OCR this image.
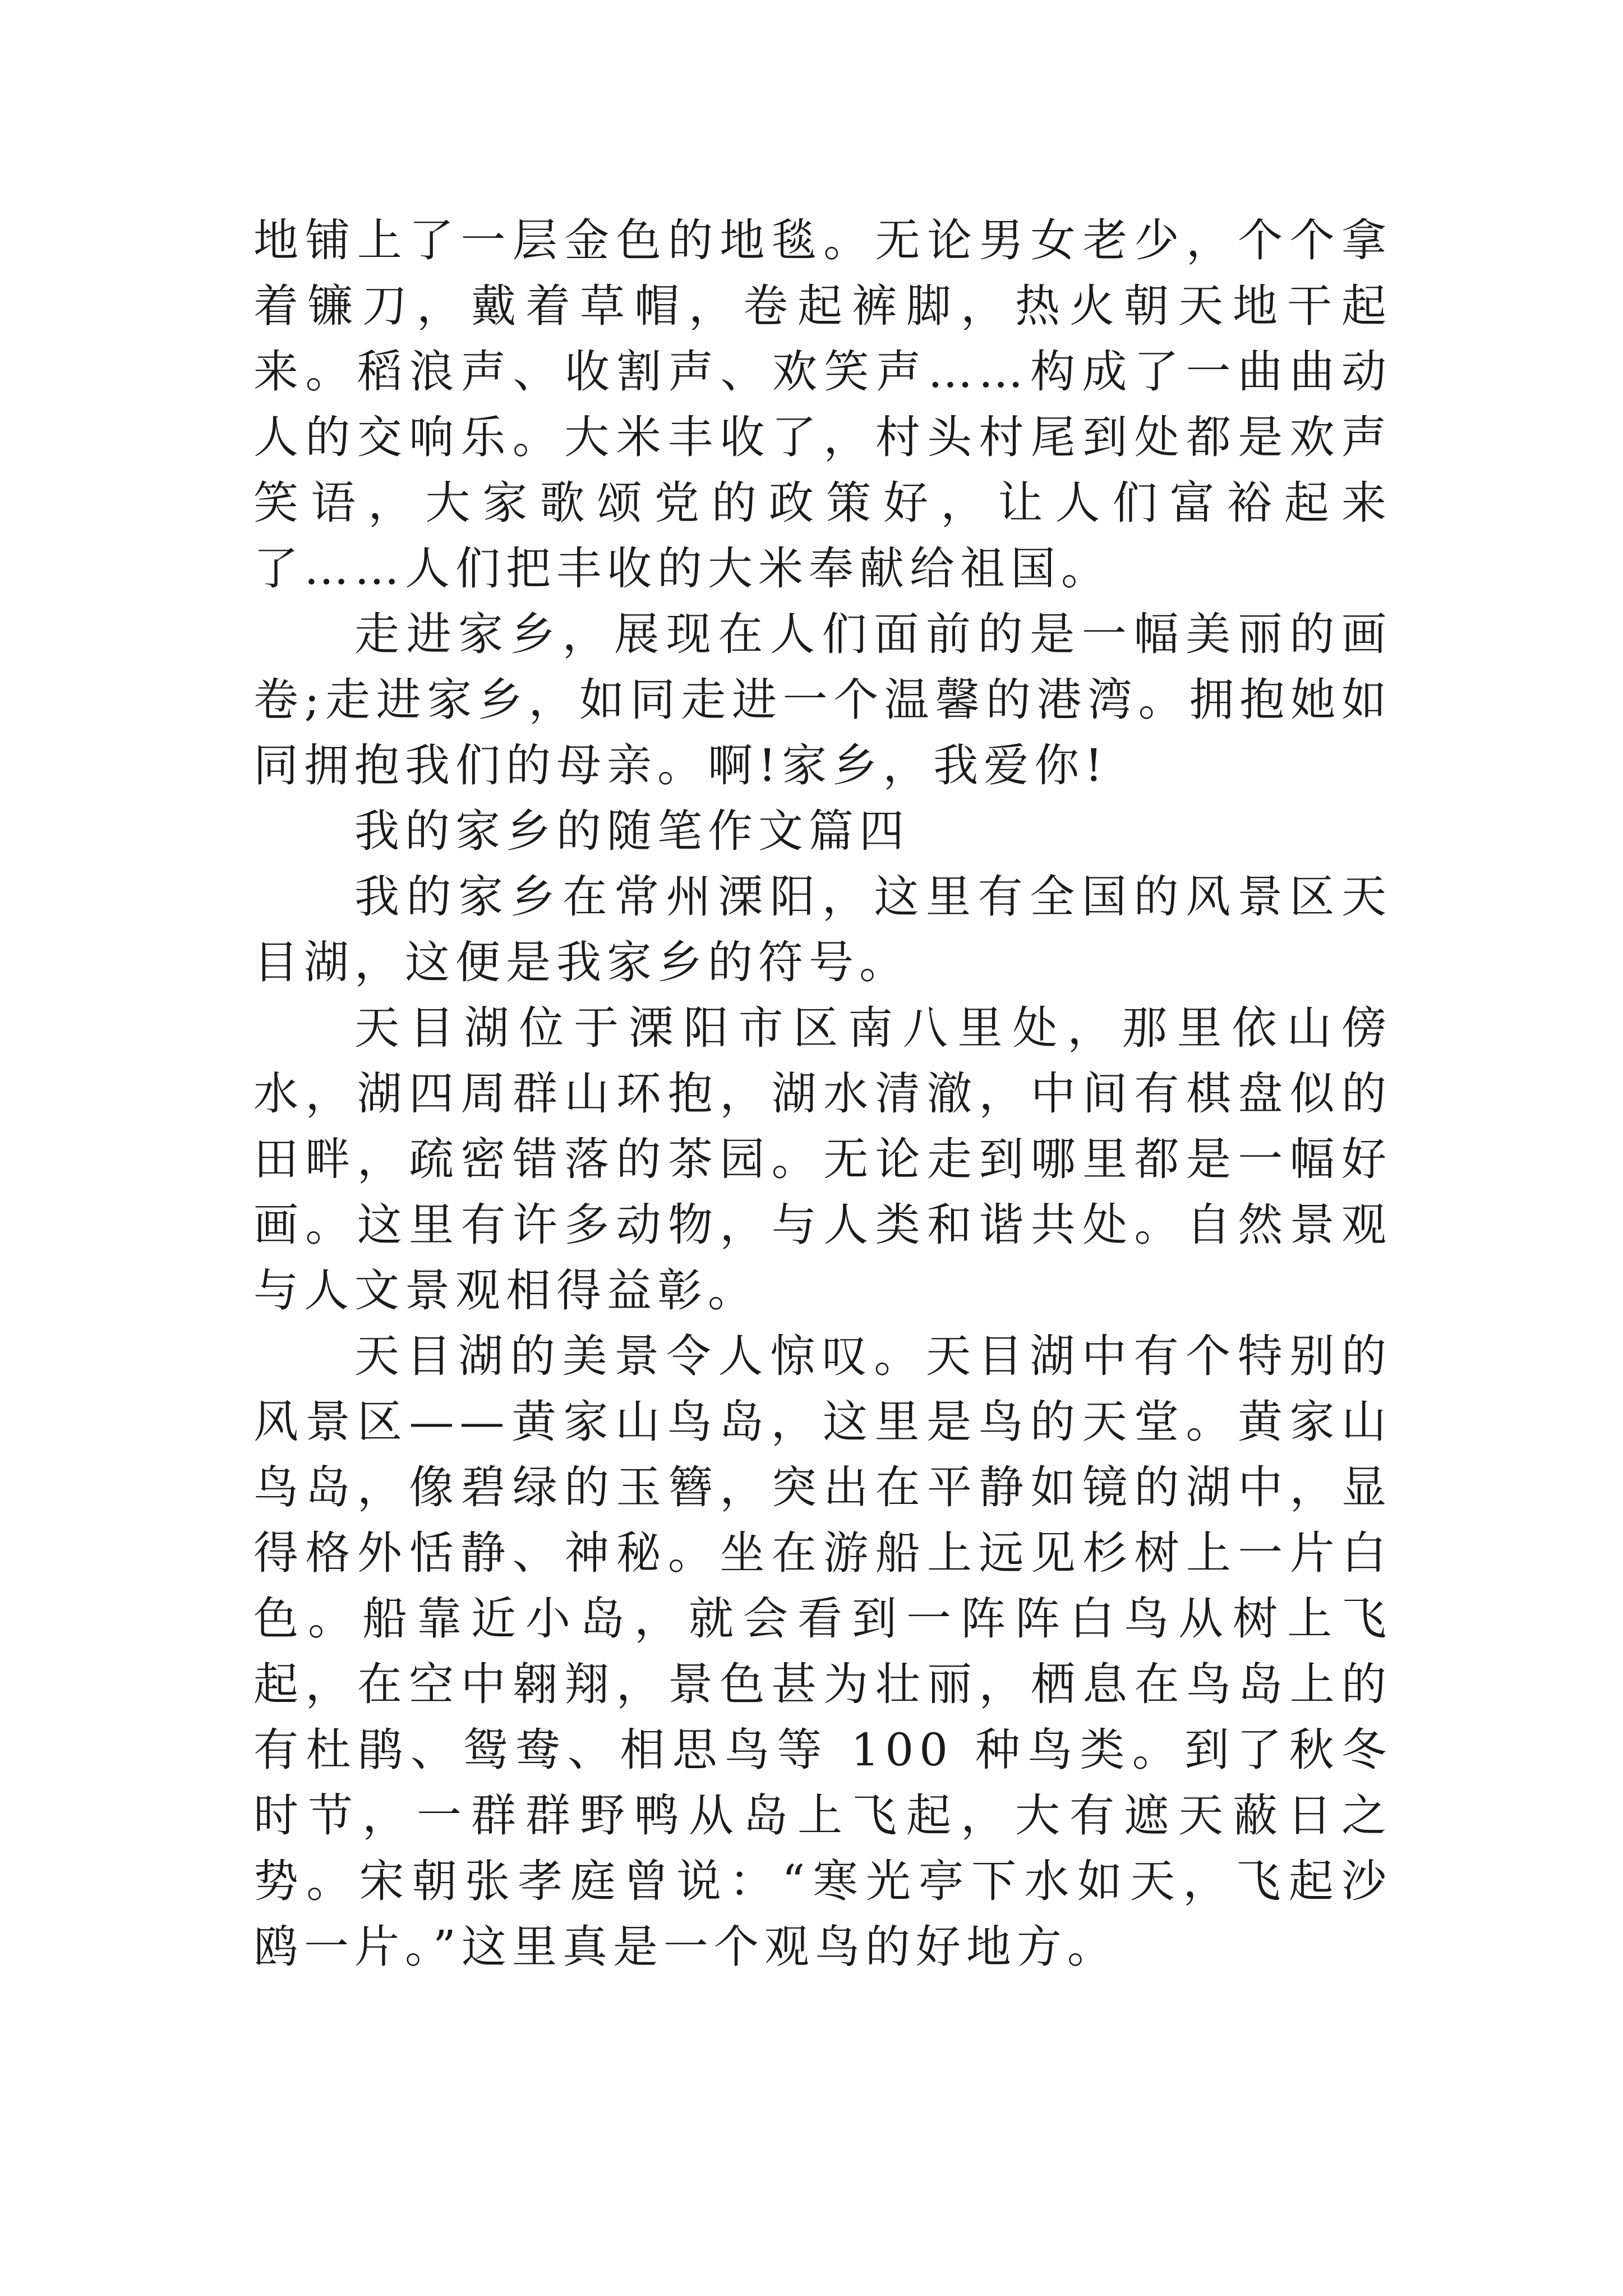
地铺上了一层金色的地毯。无论男女老少，个个拿着镰刀，戴着草帽，卷起裤脚，热火朝天地干起来。稻浪声、收割声、欢笑声……构成了一曲曲动人的交响乐。大米丰收了，村头村尾到处都是欢声笑语，大家歌颂党的政策好，让人们富裕起来了……人们把丰收的大米奉献给祖国。

走进家乡，展现在人们面前的是一幅美丽的画卷;走进家乡，如同走进一个温馨的港湾。拥抱她如同拥抱我们的母亲。啊!家乡，我爱你!

我的家乡的随笔作文篇四

我的家乡在常州溧阳，这里有全国的风景区天目湖，这便是我家乡的符号。

天目湖位于溧阳市区南八里处，那里依山傍水，湖四周群山环抱，湖水清澈，中间有棋盘似的田畔，疏密错落的茶园。无论走到哪里都是一幅好画。这里有许多动物，与人类和谐共处。自然景观与人文景观相得益彰。

天目湖的美景令人惊叹。天目湖中有个特别的风景区——黄家山鸟岛，这里是鸟的天堂。黄家山鸟岛，像碧绿的玉簪，突出在平静如镜的湖中，显得格外恬静、神秘。坐在游船上远见杉树上一片白色。船靠近小岛，就会看到一阵阵白鸟从树上飞起，在空中翱翔，景色甚为壮丽，栖息在鸟岛上的有杜鹃、鸳鸯、相思鸟等 100 种鸟类。到了秋冬时节，一群群野鸭从岛上飞起，大有遮天蔽日之势。宋朝张孝庭曾说：“寒光亭下水如天，飞起沙鸥一片。”这里真是一个观鸟的好地方。
